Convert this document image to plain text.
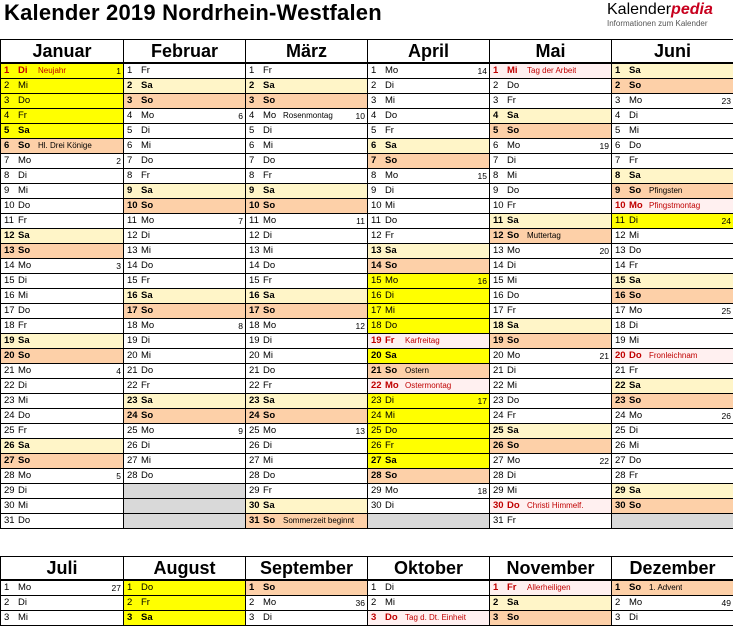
Kalender 2019 Nordrhein-Westfalen	Kalenderpedia
Informationen zum Kalender
Januar	Februar	März	April	Mai	Juni

1 Di Neujahr 1	1 Fr	1 Fr	1 Mo 14	1 Mi Tag der Arbeit	1 Sa

2 Mi	2 Sa	2 Sa	2 Di	2 Do	2 So

3 Do	3 So	3 So	3 Mi	3 Fr	3 Mo 23

4 Fr	4 Mo 6	4 Mo Rosenmontag 10	4 Do	4 Sa	4 Di

5 Sa	5 Di	5 Di	5 Fr	5 So	5 Mi

6 So Hl. Drei Könige	6 Mi	6 Mi	6 Sa	6 Mo 19	6 Do

7 Mo 2	7 Do	7 Do	7 So	7 Di	7 Fr

8 Di	8 Fr	8 Fr	8 Mo 15	8 Mi	8 Sa

9 Mi	9 Sa	9 Sa	9 Di	9 Do	9 So Pfingsten

10 Do	10 So	10 So	10 Mi	10 Fr	10 Mo Pfingstmontag

11 Fr	11 Mo 7	11 Mo 11	11 Do	11 Sa	11 Di 24

12 Sa	12 Di	12 Di	12 Fr	12 So Muttertag	12 Mi

13 So	13 Mi	13 Mi	13 Sa	13 Mo 20	13 Do

14 Mo 3	14 Do	14 Do	14 So	14 Di	14 Fr

15 Di	15 Fr	15 Fr	15 Mo 16	15 Mi	15 Sa

16 Mi	16 Sa	16 Sa	16 Di	16 Do	16 So

17 Do	17 So	17 So	17 Mi	17 Fr	17 Mo 25

18 Fr	18 Mo 8	18 Mo 12	18 Do	18 Sa	18 Di

19 Sa	19 Di	19 Di	19 Fr Karfreitag	19 So	19 Mi

20 So	20 Mi	20 Mi	20 Sa	20 Mo 21	20 Do Fronleichnam

21 Mo 4	21 Do	21 Do	21 So Ostern	21 Di	21 Fr

22 Di	22 Fr	22 Fr	22 Mo Ostermontag	22 Mi	22 Sa

23 Mi	23 Sa	23 Sa	23 Di 17	23 Do	23 So

24 Do	24 So	24 So	24 Mi	24 Fr	24 Mo 26

25 Fr	25 Mo 9	25 Mo 13	25 Do	25 Sa	25 Di

26 Sa	26 Di	26 Di	26 Fr	26 So	26 Mi

27 So	27 Mi	27 Mi	27 Sa	27 Mo 22	27 Do

28 Mo 5	28 Do	28 Do	28 So	28 Di	28 Fr

29 Di		29 Fr	29 Mo 18	29 Mi	29 Sa

30 Mi		30 Sa	30 Di	30 Do Christi Himmelf.	30 So

31 Do		31 So Sommerzeit beginnt		31 Fr	

Juli	August	September	Oktober	November	Dezember

1 Mo 27	1 Do	1 So	1 Di	1 Fr Allerheiligen	1 So 1. Advent

2 Di	2 Fr	2 Mo 36	2 Mi	2 Sa	2 Mo 49

3 Mi	3 Sa	3 Di	3 Do Tag d. Dt. Einheit	3 So	3 Di
